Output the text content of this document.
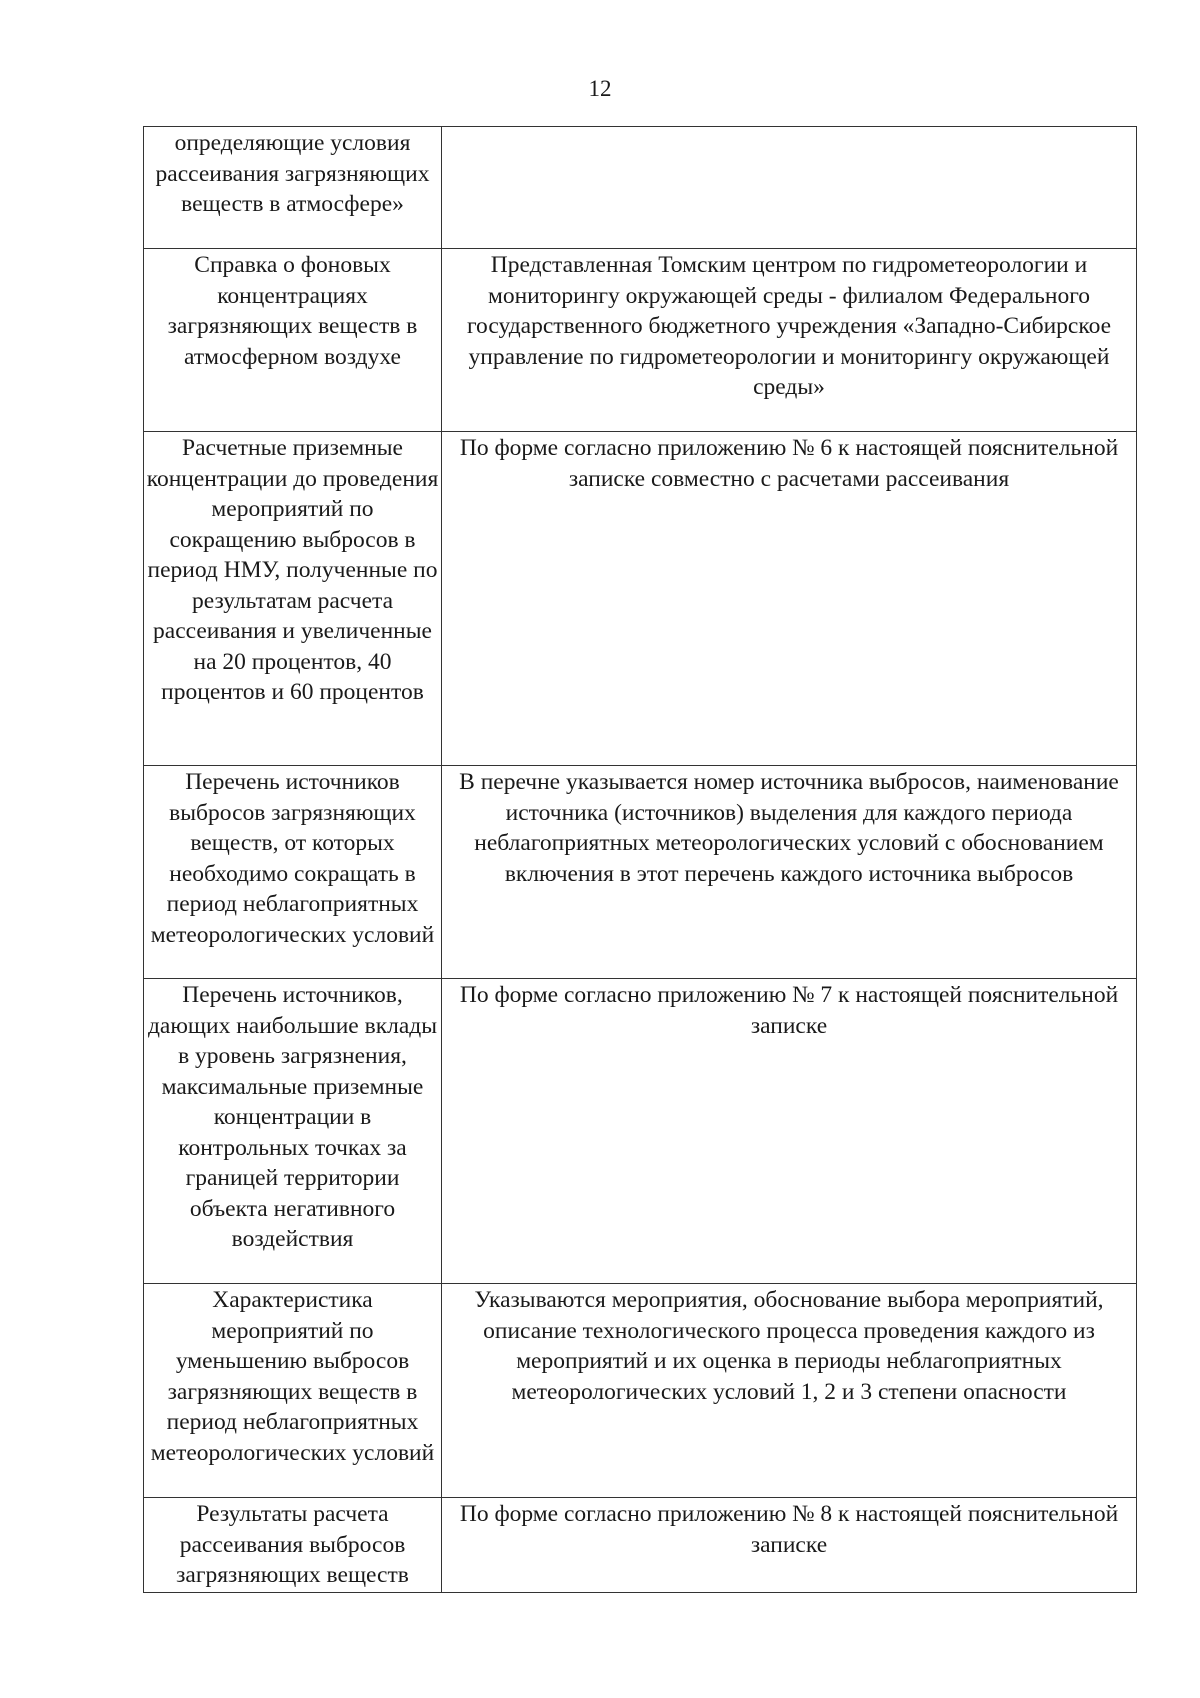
12
определяющие условия рассеивания загрязняющих веществ в атмосфере»	
Справка о фоновых концентрациях загрязняющих веществ в атмосферном воздухе	Представленная Томским центром по гидрометеорологии и мониторингу окружающей среды - филиалом Федерального государственного бюджетного учреждения «Западно-Сибирское управление по гидрометеорологии и мониторингу окружающей среды»
Расчетные приземные концентрации до проведения мероприятий по сокращению выбросов в период НМУ, полученные по результатам расчета рассеивания и увеличенные на 20 процентов, 40 процентов и 60 процентов	По форме согласно приложению № 6 к настоящей пояснительной записке совместно с расчетами рассеивания
Перечень источников выбросов загрязняющих веществ, от которых необходимо сокращать в период неблагоприятных метеорологических условий	В перечне указывается номер источника выбросов, наименование источника (источников) выделения для каждого периода неблагоприятных метеорологических условий с обоснованием включения в этот перечень каждого источника выбросов
Перечень источников, дающих наибольшие вклады в уровень загрязнения, максимальные приземные концентрации в контрольных точках за границей территории объекта негативного воздействия	По форме согласно приложению № 7 к настоящей пояснительной записке
Характеристика мероприятий по уменьшению выбросов загрязняющих веществ в период неблагоприятных метеорологических условий	Указываются мероприятия, обоснование выбора мероприятий, описание технологического процесса проведения каждого из мероприятий и их оценка в периоды неблагоприятных метеорологических условий 1, 2 и 3 степени опасности
Результаты расчета рассеивания выбросов загрязняющих веществ	По форме согласно приложению № 8 к настоящей пояснительной записке
